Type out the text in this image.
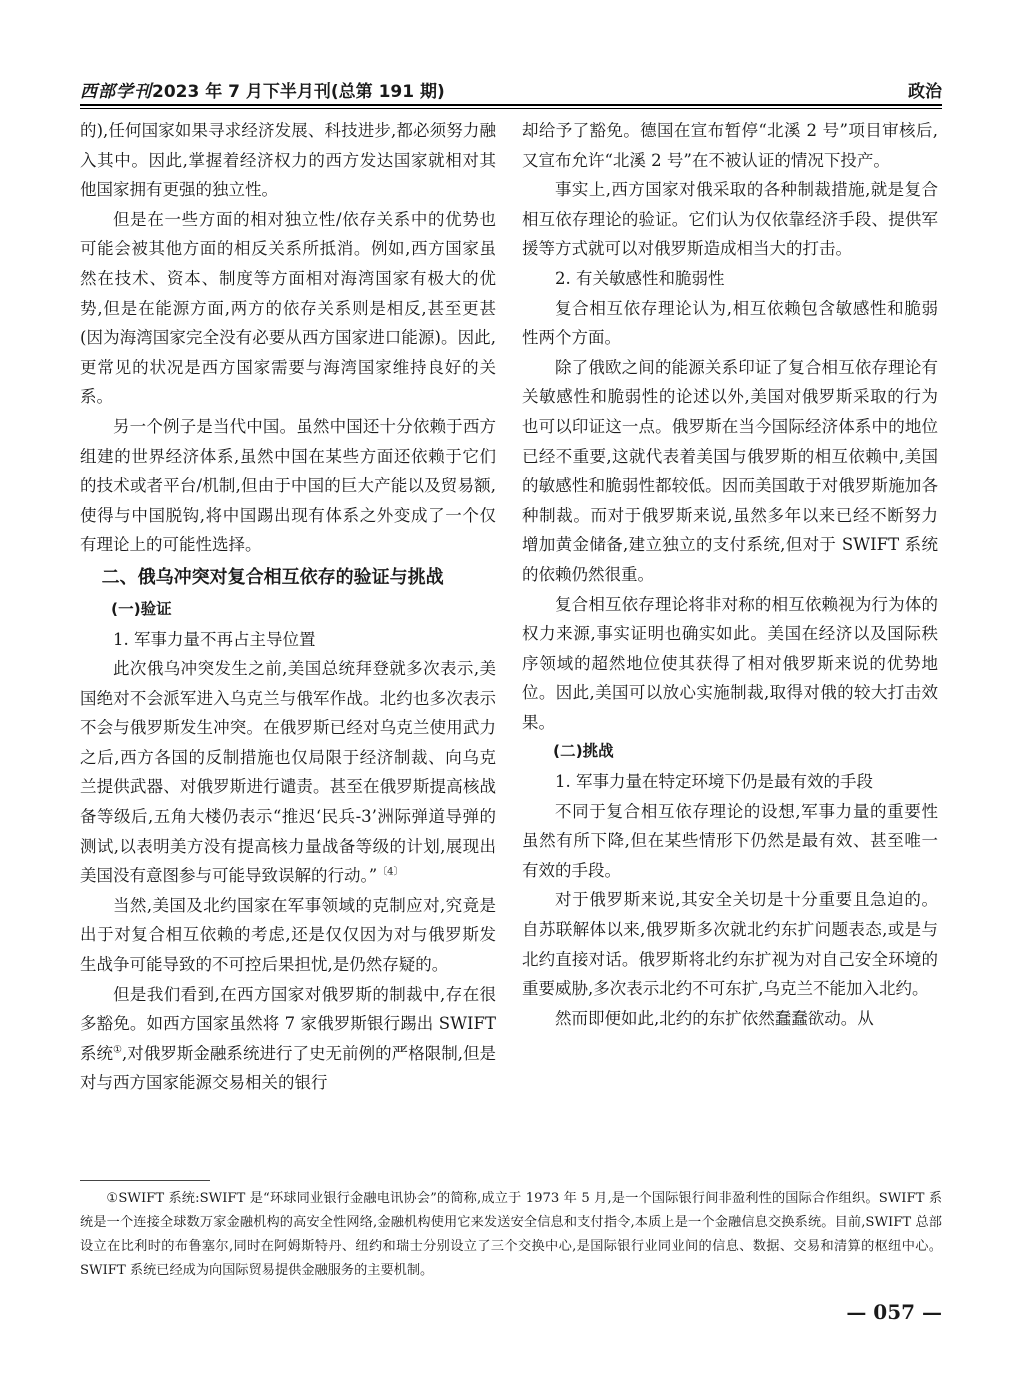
西部学刊2023 年 7 月下半月刊(总第 191 期)	政治

的),任何国家如果寻求经济发展、科技进步,都必须努力融入其中。因此,掌握着经济权力的西方发达国家就相对其他国家拥有更强的独立性。

但是在一些方面的相对独立性/依存关系中的优势也可能会被其他方面的相反关系所抵消。例如,西方国家虽然在技术、资本、制度等方面相对海湾国家有极大的优势,但是在能源方面,两方的依存关系则是相反,甚至更甚(因为海湾国家完全没有必要从西方国家进口能源)。因此,更常见的状况是西方国家需要与海湾国家维持良好的关系。

另一个例子是当代中国。虽然中国还十分依赖于西方组建的世界经济体系,虽然中国在某些方面还依赖于它们的技术或者平台/机制,但由于中国的巨大产能以及贸易额,使得与中国脱钩,将中国踢出现有体系之外变成了一个仅有理论上的可能性选择。

二、俄乌冲突对复合相互依存的验证与挑战

(一)验证

1. 军事力量不再占主导位置

此次俄乌冲突发生之前,美国总统拜登就多次表示,美国绝对不会派军进入乌克兰与俄军作战。北约也多次表示不会与俄罗斯发生冲突。在俄罗斯已经对乌克兰使用武力之后,西方各国的反制措施也仅局限于经济制裁、向乌克兰提供武器、对俄罗斯进行谴责。甚至在俄罗斯提高核战备等级后,五角大楼仍表示“推迟‘民兵-3’洲际弹道导弹的测试,以表明美方没有提高核力量战备等级的计划,展现出美国没有意图参与可能导致误解的行动。”$^{〔4〕}$

当然,美国及北约国家在军事领域的克制应对,究竟是出于对复合相互依赖的考虑,还是仅仅因为对与俄罗斯发生战争可能导致的不可控后果担忧,是仍然存疑的。

但是我们看到,在西方国家对俄罗斯的制裁中,存在很多豁免。如西方国家虽然将 7 家俄罗斯银行踢出 SWIFT 系统①,对俄罗斯金融系统进行了史无前例的严格限制,但是对与西方国家能源交易相关的银行

却给予了豁免。德国在宣布暂停“北溪 2 号”项目审核后,又宣布允许“北溪 2 号”在不被认证的情况下投产。

事实上,西方国家对俄采取的各种制裁措施,就是复合相互依存理论的验证。它们认为仅依靠经济手段、提供军援等方式就可以对俄罗斯造成相当大的打击。

2. 有关敏感性和脆弱性

复合相互依存理论认为,相互依赖包含敏感性和脆弱性两个方面。

除了俄欧之间的能源关系印证了复合相互依存理论有关敏感性和脆弱性的论述以外,美国对俄罗斯采取的行为也可以印证这一点。俄罗斯在当今国际经济体系中的地位已经不重要,这就代表着美国与俄罗斯的相互依赖中,美国的敏感性和脆弱性都较低。因而美国敢于对俄罗斯施加各种制裁。而对于俄罗斯来说,虽然多年以来已经不断努力增加黄金储备,建立独立的支付系统,但对于 SWIFT 系统的依赖仍然很重。

复合相互依存理论将非对称的相互依赖视为行为体的权力来源,事实证明也确实如此。美国在经济以及国际秩序领域的超然地位使其获得了相对俄罗斯来说的优势地位。因此,美国可以放心实施制裁,取得对俄的较大打击效果。

(二)挑战

1. 军事力量在特定环境下仍是最有效的手段

不同于复合相互依存理论的设想,军事力量的重要性虽然有所下降,但在某些情形下仍然是最有效、甚至唯一有效的手段。

对于俄罗斯来说,其安全关切是十分重要且急迫的。自苏联解体以来,俄罗斯多次就北约东扩问题表态,或是与北约直接对话。俄罗斯将北约东扩视为对自己安全环境的重要威胁,多次表示北约不可东扩,乌克兰不能加入北约。

然而即便如此,北约的东扩依然蠢蠢欲动。从

①SWIFT 系统:SWIFT 是“环球同业银行金融电讯协会”的简称,成立于 1973 年 5 月,是一个国际银行间非盈利性的国际合作组织。SWIFT 系统是一个连接全球数万家金融机构的高安全性网络,金融机构使用它来发送安全信息和支付指令,本质上是一个金融信息交换系统。目前,SWIFT 总部设立在比利时的布鲁塞尔,同时在阿姆斯特丹、纽约和瑞士分别设立了三个交换中心,是国际银行业同业间的信息、数据、交易和清算的枢纽中心。SWIFT 系统已经成为向国际贸易提供金融服务的主要机制。
— 057 —
